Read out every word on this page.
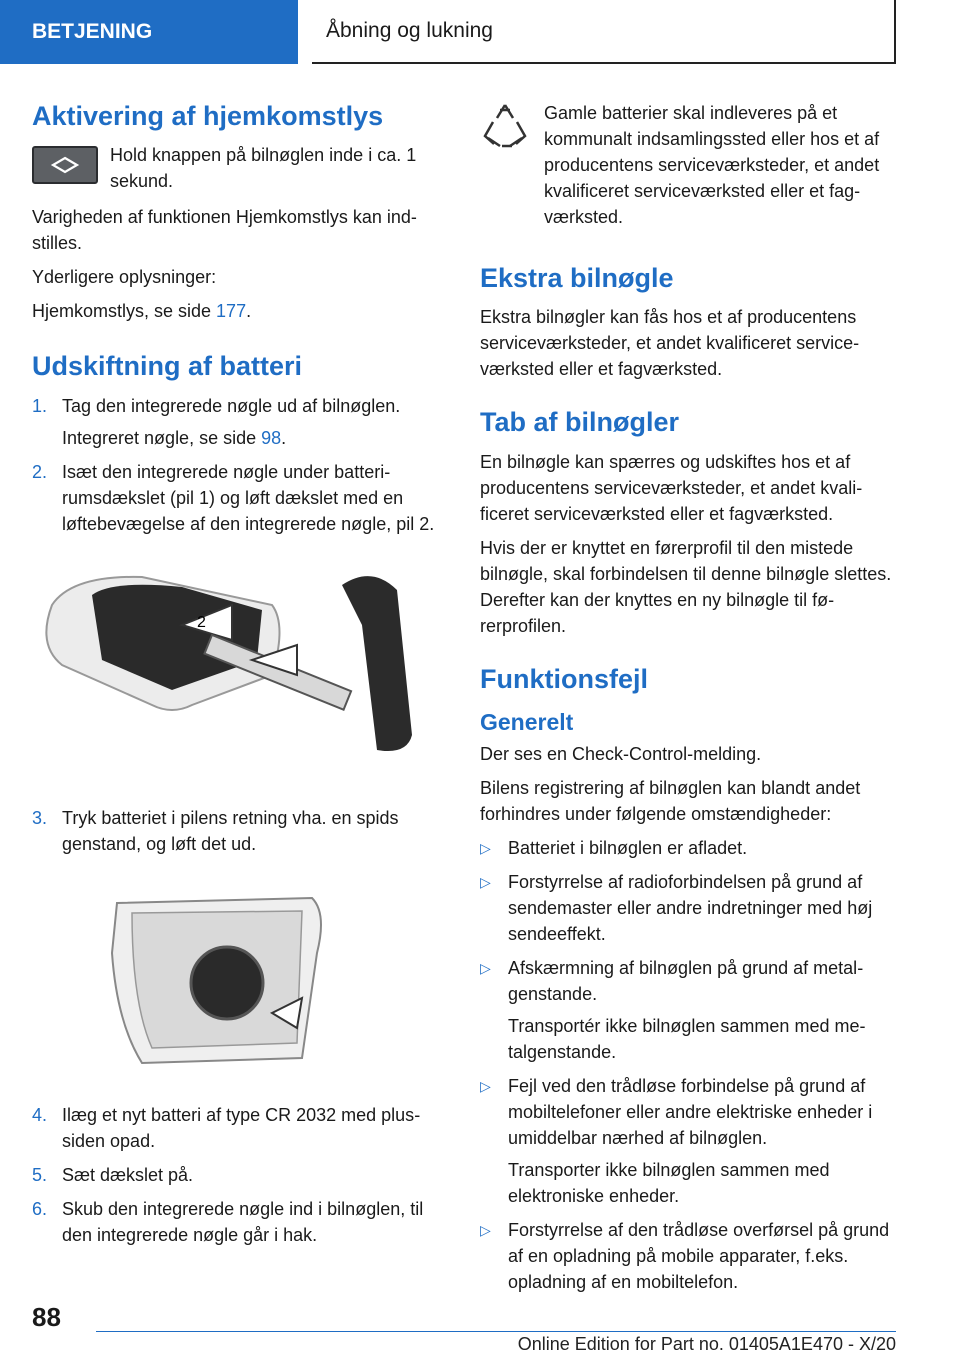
BETJENING	Åbning og lukning
Aktivering af hjemkomstlys

Hold knappen på bilnøglen inde i ca. 1 sekund.

Varigheden af funktionen Hjemkomstlys kan indstilles.

Yderligere oplysninger:

Hjemkomstlys, se side 177.

Udskiftning af batteri
1. Tag den integrerede nøgle ud af bilnøglen.
Integreret nøgle, se side 98.
2. Isæt den integrerede nøgle under batterirumsdækslet (pil 1) og løft dækslet med en løftebevægelse af den integrerede nøgle, pil 2.
2
3. Tryk batteriet i pilens retning vha. en spids genstand, og løft det ud.
4. Ilæg et nyt batteri af type CR 2032 med plussiden opad.
5. Sæt dækslet på.
6. Skub den integrerede nøgle ind i bilnøglen, til den integrerede nøgle går i hak.

Gamle batterier skal indleveres på et kommunalt indsamlingssted eller hos et af producentens serviceværksteder, et andet kvalificeret serviceværksted eller et fagværksted.

Ekstra bilnøgle

Ekstra bilnøgler kan fås hos et af producentens serviceværksteder, et andet kvalificeret serviceværksted eller et fagværksted.

Tab af bilnøgler

En bilnøgle kan spærres og udskiftes hos et af producentens serviceværksteder, et andet kvalificeret serviceværksted eller et fagværksted.

Hvis der er knyttet en førerprofil til den mistede bilnøgle, skal forbindelsen til denne bilnøgle slettes. Derefter kan der knyttes en ny bilnøgle til førerprofilen.

Funktionsfejl
Generelt

Der ses en Check-Control-melding.

Bilens registrering af bilnøglen kan blandt andet forhindres under følgende omstændigheder:

▷ Batteriet i bilnøglen er afladet.
▷ Forstyrrelse af radioforbindelsen på grund af sendemaster eller andre indretninger med høj sendeeffekt.
▷ Afskærmning af bilnøglen på grund af metalgenstande.
Transportér ikke bilnøglen sammen med metalgenstande.
▷ Fejl ved den trådløse forbindelse på grund af mobiltelefoner eller andre elektriske enheder i umiddelbar nærhed af bilnøglen.
Transporter ikke bilnøglen sammen med elektroniske enheder.
▷ Forstyrrelse af den trådløse overførsel på grund af en opladning på mobile apparater, f.eks. opladning af en mobiltelefon.
88
Online Edition for Part no. 01405A1E470 - X/20
